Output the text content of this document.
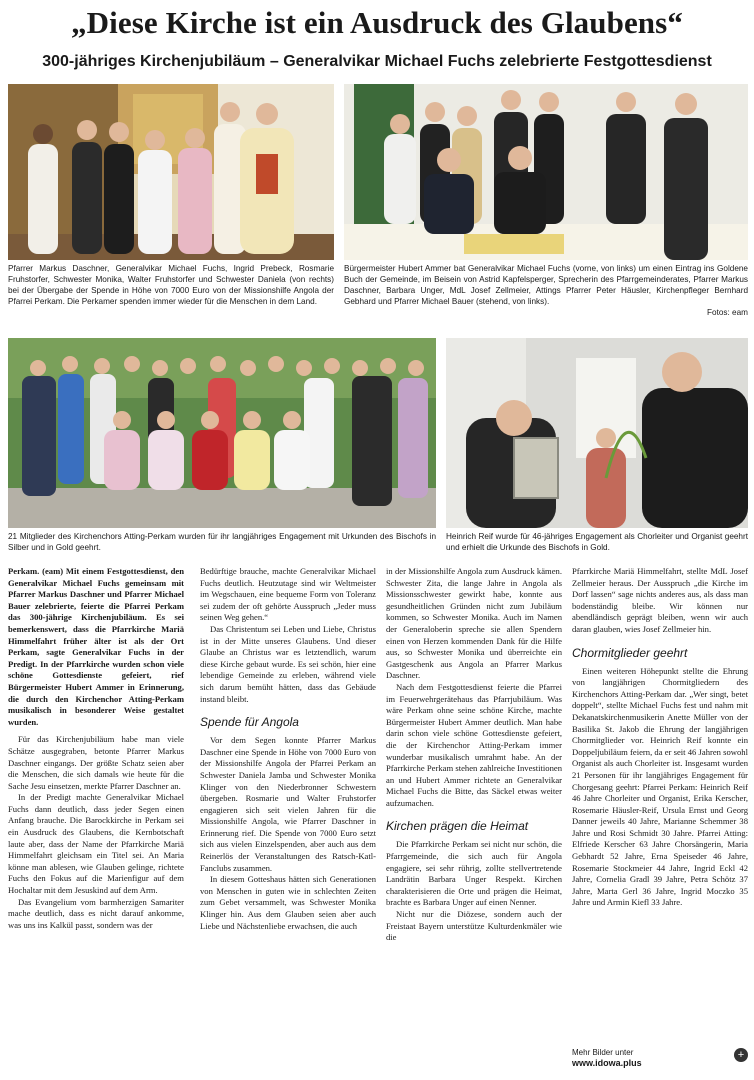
„Diese Kirche ist ein Ausdruck des Glaubens“
300-jähriges Kirchenjubiläum – Generalvikar Michael Fuchs zelebrierte Festgottesdienst
Pfarrer Markus Daschner, Generalvikar Michael Fuchs, Ingrid Prebeck, Rosmarie Fruhstorfer, Schwester Monika, Walter Fruhstorfer und Schwester Daniela (von rechts) bei der Übergabe der Spende in Höhe von 7000 Euro von der Missionshilfe Angola der Pfarrei Perkam. Die Perkamer spenden immer wieder für die Menschen in dem Land.
Bürgermeister Hubert Ammer bat Generalvikar Michael Fuchs (vorne, von links) um einen Eintrag ins Goldene Buch der Gemeinde, im Beisein von Astrid Kapfelsperger, Sprecherin des Pfarrgemeinderates, Pfarrer Markus Daschner, Barbara Unger, MdL Josef Zellmeier, Attings Pfarrer Peter Häusler, Kirchenpfleger Bernhard Gebhard und Pfarrer Michael Bauer (stehend, von links).
Fotos: eam
21 Mitglieder des Kirchenchors Atting-Perkam wurden für ihr langjähriges Engagement mit Urkunden des Bischofs in Silber und in Gold geehrt.
Heinrich Reif wurde für 46-jähriges Engagement als Chorleiter und Organist geehrt und erhielt die Urkunde des Bischofs in Gold.

Perkam. (eam) Mit einem Festgottesdienst, den Generalvikar Michael Fuchs gemeinsam mit Pfarrer Markus Daschner und Pfarrer Michael Bauer zelebrierte, feierte die Pfarrei Perkam das 300-jährige Kirchenjubiläum. Es sei bemerkenswert, dass die Pfarrkirche Mariä Himmelfahrt früher älter ist als der Ort Perkam, sagte Generalvikar Fuchs in der Predigt. In der Pfarrkirche wurden schon viele schöne Gottesdienste gefeiert, rief Bürgermeister Hubert Ammer in Erinnerung, die durch den Kirchenchor Atting-Perkam musikalisch in besonderer Weise gestaltet wurden.

Für das Kirchenjubiläum habe man viele Schätze ausgegraben, betonte Pfarrer Markus Daschner eingangs. Der größte Schatz seien aber die Menschen, die sich damals wie heute für die Sache Jesu einsetzen, merkte Pfarrer Daschner an.

In der Predigt machte Generalvikar Michael Fuchs dann deutlich, dass jeder Segen einen Anfang brauche. Die Barockkirche in Perkam sei ein Ausdruck des Glaubens, die Kernbotschaft laute aber, dass der Name der Pfarrkirche Mariä Himmelfahrt gleichsam ein Titel sei. An Maria könne man ablesen, wie Glauben gelinge, richtete Fuchs den Fokus auf die Marienfigur auf dem Hochaltar mit dem Jesuskind auf dem Arm.

Das Evangelium vom barmherzigen Samariter mache deutlich, dass es nicht darauf ankomme, was uns ins Kalkül passt, sondern was der

Bedürftige brauche, machte Generalvikar Michael Fuchs deutlich. Heutzutage sind wir Weltmeister im Wegschauen, eine bequeme Form von Toleranz sei zudem der oft gehörte Ausspruch „Jeder muss seinen Weg gehen.“

Das Christentum sei Leben und Liebe, Christus ist in der Mitte unseres Glaubens. Und dieser Glaube an Christus war es letztendlich, warum diese Kirche gebaut wurde. Es sei schön, hier eine lebendige Gemeinde zu erleben, während viele sich darum bemüht hätten, dass das Gebäude instand bleibt.

Spende für Angola

Vor dem Segen konnte Pfarrer Markus Daschner eine Spende in Höhe von 7000 Euro von der Missionshilfe Angola der Pfarrei Perkam an Schwester Daniela Jamba und Schwester Monika Klinger von den Niederbronner Schwestern übergeben. Rosmarie und Walter Fruhstorfer engagieren sich seit vielen Jahren für die Missionshilfe Angola, wie Pfarrer Daschner in Erinnerung rief. Die Spende von 7000 Euro setzt sich aus vielen Einzelspenden, aber auch aus dem Reinerlös der Veranstaltungen des Ratsch-Katl-Fanclubs zusammen.

In diesem Gotteshaus hätten sich Generationen von Menschen in guten wie in schlechten Zeiten zum Gebet versammelt, was Schwester Monika Klinger hin. Aus dem Glauben seien aber auch Liebe und Nächstenliebe erwachsen, die auch

in der Missionshilfe Angola zum Ausdruck kämen. Schwester Zita, die lange Jahre in Angola als Missionsschwester gewirkt habe, konnte aus gesundheitlichen Gründen nicht zum Jubiläum kommen, so Schwester Monika. Auch im Namen der Generaloberin spreche sie allen Spendern einen von Herzen kommenden Dank für die Hilfe aus, so Schwester Monika und überreichte ein Gastgeschenk aus Angola an Pfarrer Markus Daschner.

Nach dem Festgottesdienst feierte die Pfarrei im Feuerwehrgerätehaus das Pfarrjubiläum. Was wäre Perkam ohne seine schöne Kirche, machte Bürgermeister Hubert Ammer deutlich. Man habe darin schon viele schöne Gottesdienste gefeiert, die der Kirchenchor Atting-Perkam immer wunderbar musikalisch umrahmt habe. An der Pfarrkirche Perkam stehen zahlreiche Investitionen an und Hubert Ammer richtete an Generalvikar Michael Fuchs die Bitte, das Säckel etwas weiter aufzumachen.

Kirchen prägen die Heimat

Die Pfarrkirche Perkam sei nicht nur schön, die Pfarrgemeinde, die sich auch für Angola engagiere, sei sehr rührig, zollte stellvertretende Landrätin Barbara Unger Respekt. Kirchen charakterisieren die Orte und prägen die Heimat, brachte es Barbara Unger auf einen Nenner.

Nicht nur die Diözese, sondern auch der Freistaat Bayern unterstütze Kulturdenkmäler wie die

Pfarrkirche Mariä Himmelfahrt, stellte MdL Josef Zellmeier heraus. Der Ausspruch „die Kirche im Dorf lassen“ sage nichts anderes aus, als dass man bodenständig bleibe. Wir können nur abendländisch geprägt bleiben, wenn wir auch daran glauben, wies Josef Zellmeier hin.

Chormitglieder geehrt

Einen weiteren Höhepunkt stellte die Ehrung von langjährigen Chormitgliedern des Kirchenchors Atting-Perkam dar. „Wer singt, betet doppelt“, stellte Michael Fuchs fest und nahm mit Dekanatskirchenmusikerin Anette Müller von der Basilika St. Jakob die Ehrung der langjährigen Chormitglieder vor. Heinrich Reif konnte ein Doppeljubiläum feiern, da er seit 46 Jahren sowohl Organist als auch Chorleiter ist. Insgesamt wurden 21 Personen für ihr langjähriges Engagement für Chorgesang geehrt: Pfarrei Perkam: Heinrich Reif 46 Jahre Chorleiter und Organist, Erika Kerscher, Rosemarie Häusler-Reif, Ursula Ernst und Georg Danner jeweils 40 Jahre, Marianne Schemmer 38 Jahre und Rosi Schmidt 30 Jahre. Pfarrei Atting: Elfriede Kerscher 63 Jahre Chorsängerin, Maria Gebhardt 52 Jahre, Erna Speiseder 46 Jahre, Rosemarie Stockmeier 44 Jahre, Ingrid Eckl 42 Jahre, Cornelia Gradl 39 Jahre, Petra Schötz 37 Jahre, Marta Gerl 36 Jahre, Ingrid Moczko 35 Jahre und Armin Kiefl 33 Jahre.

Mehr Bilder unter
www.idowa.plus
+
